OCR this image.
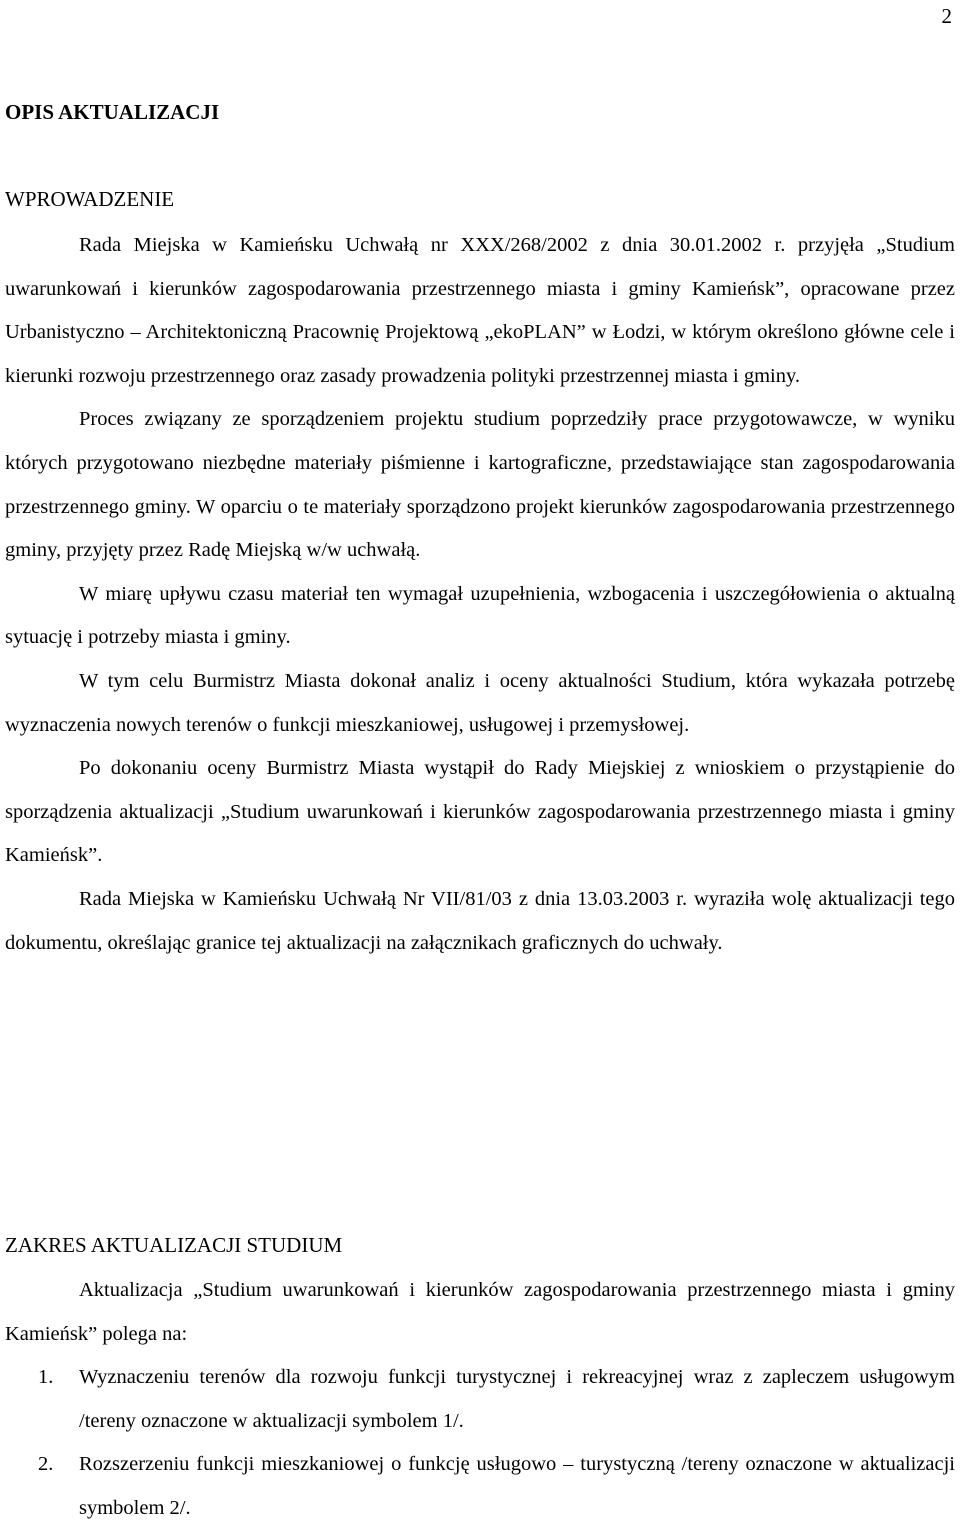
2
OPIS AKTUALIZACJI
WPROWADZENIE

Rada Miejska w Kamieńsku Uchwałą nr XXX/268/2002 z dnia 30.01.2002 r. przyjęła „Studium uwarunkowań i kierunków zagospodarowania przestrzennego miasta i gminy Kamieńsk”, opracowane przez Urbanistyczno – Architektoniczną Pracownię Projektową „ekoPLAN” w Łodzi, w którym określono główne cele i kierunki rozwoju przestrzennego oraz zasady prowadzenia polityki przestrzennej miasta i gminy.

Proces związany ze sporządzeniem projektu studium poprzedziły prace przygotowawcze, w wyniku których przygotowano niezbędne materiały piśmienne i kartograficzne, przedstawiające stan zagospodarowania przestrzennego gminy. W oparciu o te materiały sporządzono projekt kierunków zagospodarowania przestrzennego gminy, przyjęty przez Radę Miejską w/w uchwałą.

W miarę upływu czasu materiał ten wymagał uzupełnienia, wzbogacenia i uszczegółowienia o aktualną sytuację i potrzeby miasta i gminy.

W tym celu Burmistrz Miasta dokonał analiz i oceny aktualności Studium, która wykazała potrzebę wyznaczenia nowych terenów o funkcji mieszkaniowej, usługowej i przemysłowej.

Po dokonaniu oceny Burmistrz Miasta wystąpił do Rady Miejskiej z wnioskiem o przystąpienie do sporządzenia aktualizacji „Studium uwarunkowań i kierunków zagospodarowania przestrzennego miasta i gminy Kamieńsk”.

Rada Miejska w Kamieńsku Uchwałą Nr VII/81/03 z dnia 13.03.2003 r. wyraziła wolę aktualizacji tego dokumentu, określając granice tej aktualizacji na załącznikach graficznych do uchwały.

ZAKRES AKTUALIZACJI STUDIUM

Aktualizacja „Studium uwarunkowań i kierunków zagospodarowania przestrzennego miasta i gminy Kamieńsk” polega na:

1. Wyznaczeniu terenów dla rozwoju funkcji turystycznej i rekreacyjnej wraz z zapleczem usługowym /tereny oznaczone w aktualizacji symbolem 1/.
2. Rozszerzeniu funkcji mieszkaniowej o funkcję usługowo – turystyczną /tereny oznaczone w aktualizacji symbolem 2/.
